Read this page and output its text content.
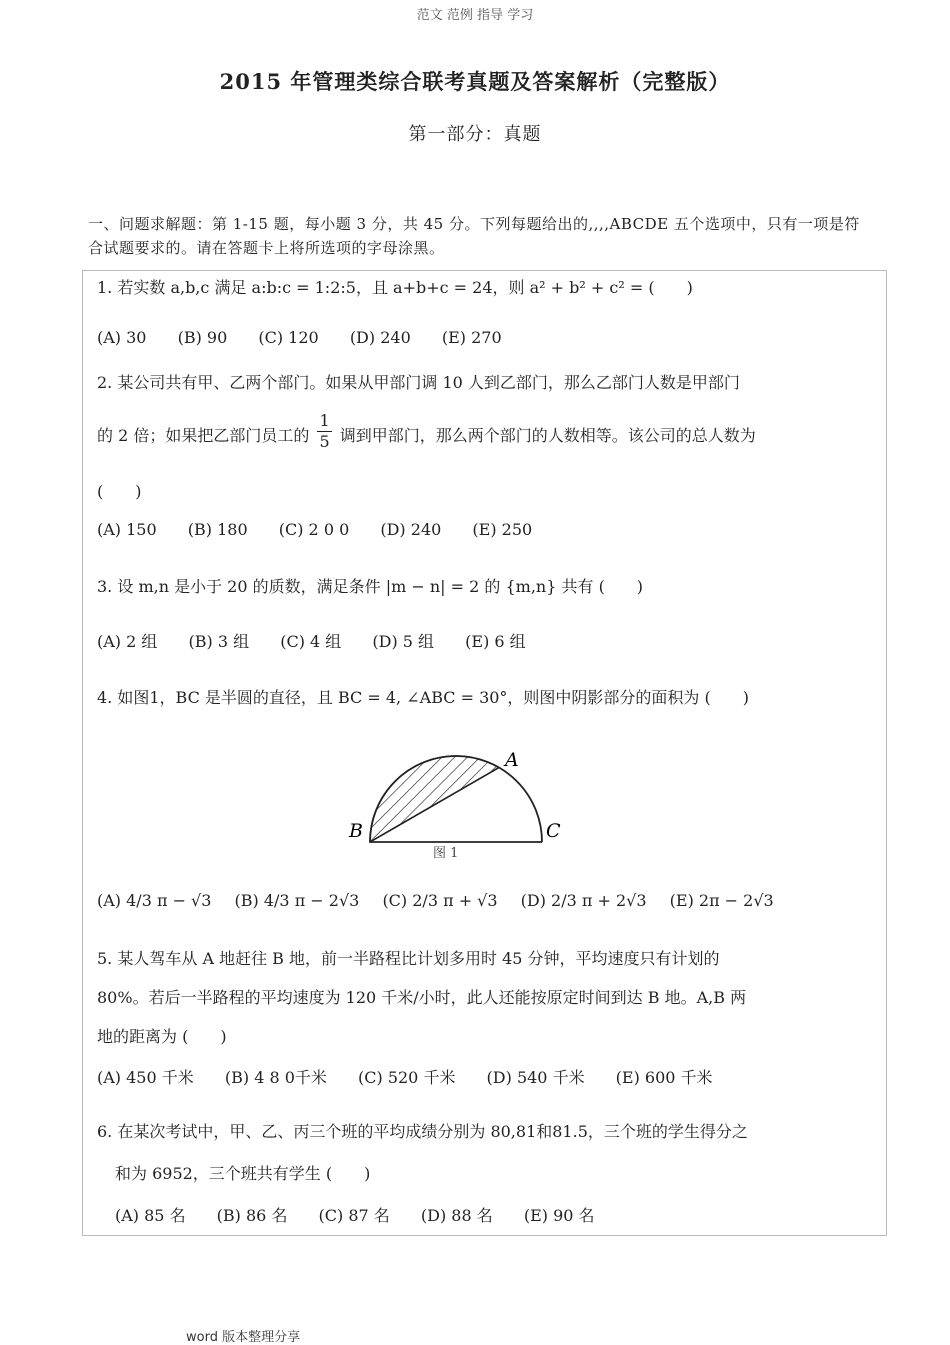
范文 范例 指导 学习
2015 年管理类综合联考真题及答案解析（完整版）
第一部分：真题
一、问题求解题：第 1-15 题，每小题 3 分，共 45 分。下列每题给出的,,,,ABCDE 五个选项中，只有一项是符合试题要求的。请在答题卡上将所选项的字母涂黑。
1. 若实数 a,b,c 满足 a:b:c = 1:2:5，且 a+b+c = 24，则 a² + b² + c² = (　　)
(A) 30 (B) 90 (C) 120 (D) 240 (E) 270
2. 某公司共有甲、乙两个部门。如果从甲部门调 10 人到乙部门，那么乙部门人数是甲部门
的 2 倍；如果把乙部门员工的 $\frac{1}{5}$ 调到甲部门，那么两个部门的人数相等。该公司的总人数为
(　　)
(A) 150 (B) 180 (C) 2 0 0 (D) 240 (E) 250
3. 设 m,n 是小于 20 的质数，满足条件 |m − n| = 2 的 {m,n} 共有 (　　)
(A) 2 组 (B) 3 组 (C) 4 组 (D) 5 组 (E) 6 组
4. 如图1，BC 是半圆的直径，且 BC = 4, ∠ABC = 30°，则图中阴影部分的面积为 (　　)
A
B	C
图 1
(A) 4/3 π − √3 (B) 4/3 π − 2√3 (C) 2/3 π + √3 (D) 2/3 π + 2√3 (E) 2π − 2√3
5. 某人驾车从 A 地赶往 B 地，前一半路程比计划多用时 45 分钟，平均速度只有计划的
80%。若后一半路程的平均速度为 120 千米/小时，此人还能按原定时间到达 B 地。A,B 两
地的距离为 (　　)
(A) 450 千米 (B) 4 8 0千米 (C) 520 千米 (D) 540 千米 (E) 600 千米
6. 在某次考试中，甲、乙、丙三个班的平均成绩分别为 80,81和81.5，三个班的学生得分之
和为 6952，三个班共有学生 (　　)
(A) 85 名 (B) 86 名 (C) 87 名 (D) 88 名 (E) 90 名
word 版本整理分享
